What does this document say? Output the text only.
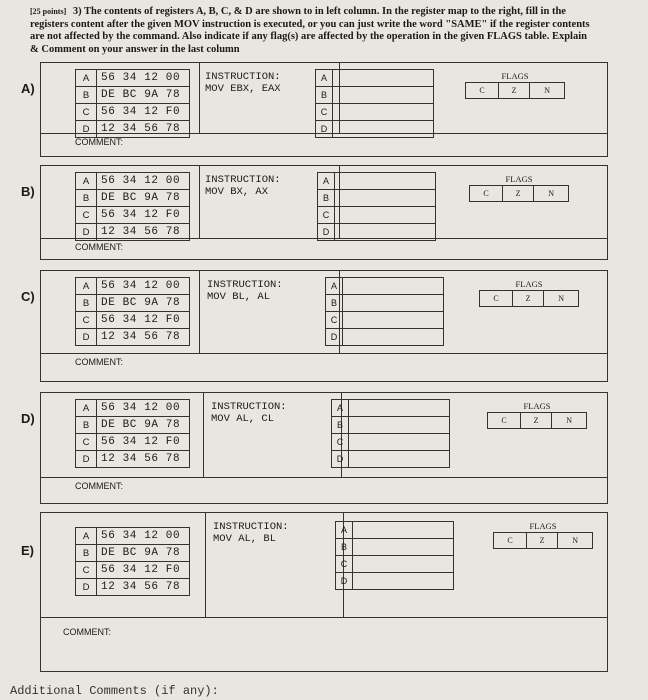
[25 points] 3) The contents of registers A, B, C, & D are shown to in left column. In the register map to the right, fill in the registers content after the given MOV instruction is executed, or you can just write the word "SAME" if the register contents are not affected by the command. Also indicate if any flag(s) are affected by the operation in the given FLAGS table. Explain & Comment on your answer in the last column
A)
A	56 34 12 00
B	DE BC 9A 78
C	56 34 12 F0
D	12 34 56 78
INSTRUCTION:
MOV EBX, EAX
A	
B	
C	
D	
FLAGS
C	Z	N
COMMENT:
B)
A	56 34 12 00
B	DE BC 9A 78
C	56 34 12 F0
D	12 34 56 78
INSTRUCTION:
MOV BX, AX
A	
B	
C	
D	
FLAGS
C	Z	N
COMMENT:
C)
A	56 34 12 00
B	DE BC 9A 78
C	56 34 12 F0
D	12 34 56 78
INSTRUCTION:
MOV BL, AL
A	
B	
C	
D	
FLAGS
C	Z	N
COMMENT:
D)
A	56 34 12 00
B	DE BC 9A 78
C	56 34 12 F0
D	12 34 56 78
INSTRUCTION:
MOV AL, CL
A	
B	
C	
D	
FLAGS
C	Z	N
COMMENT:
E)
A	56 34 12 00
B	DE BC 9A 78
C	56 34 12 F0
D	12 34 56 78
INSTRUCTION:
MOV AL, BL
A	
B	
C	
D	
FLAGS
C	Z	N
COMMENT:
Additional Comments (if any):
